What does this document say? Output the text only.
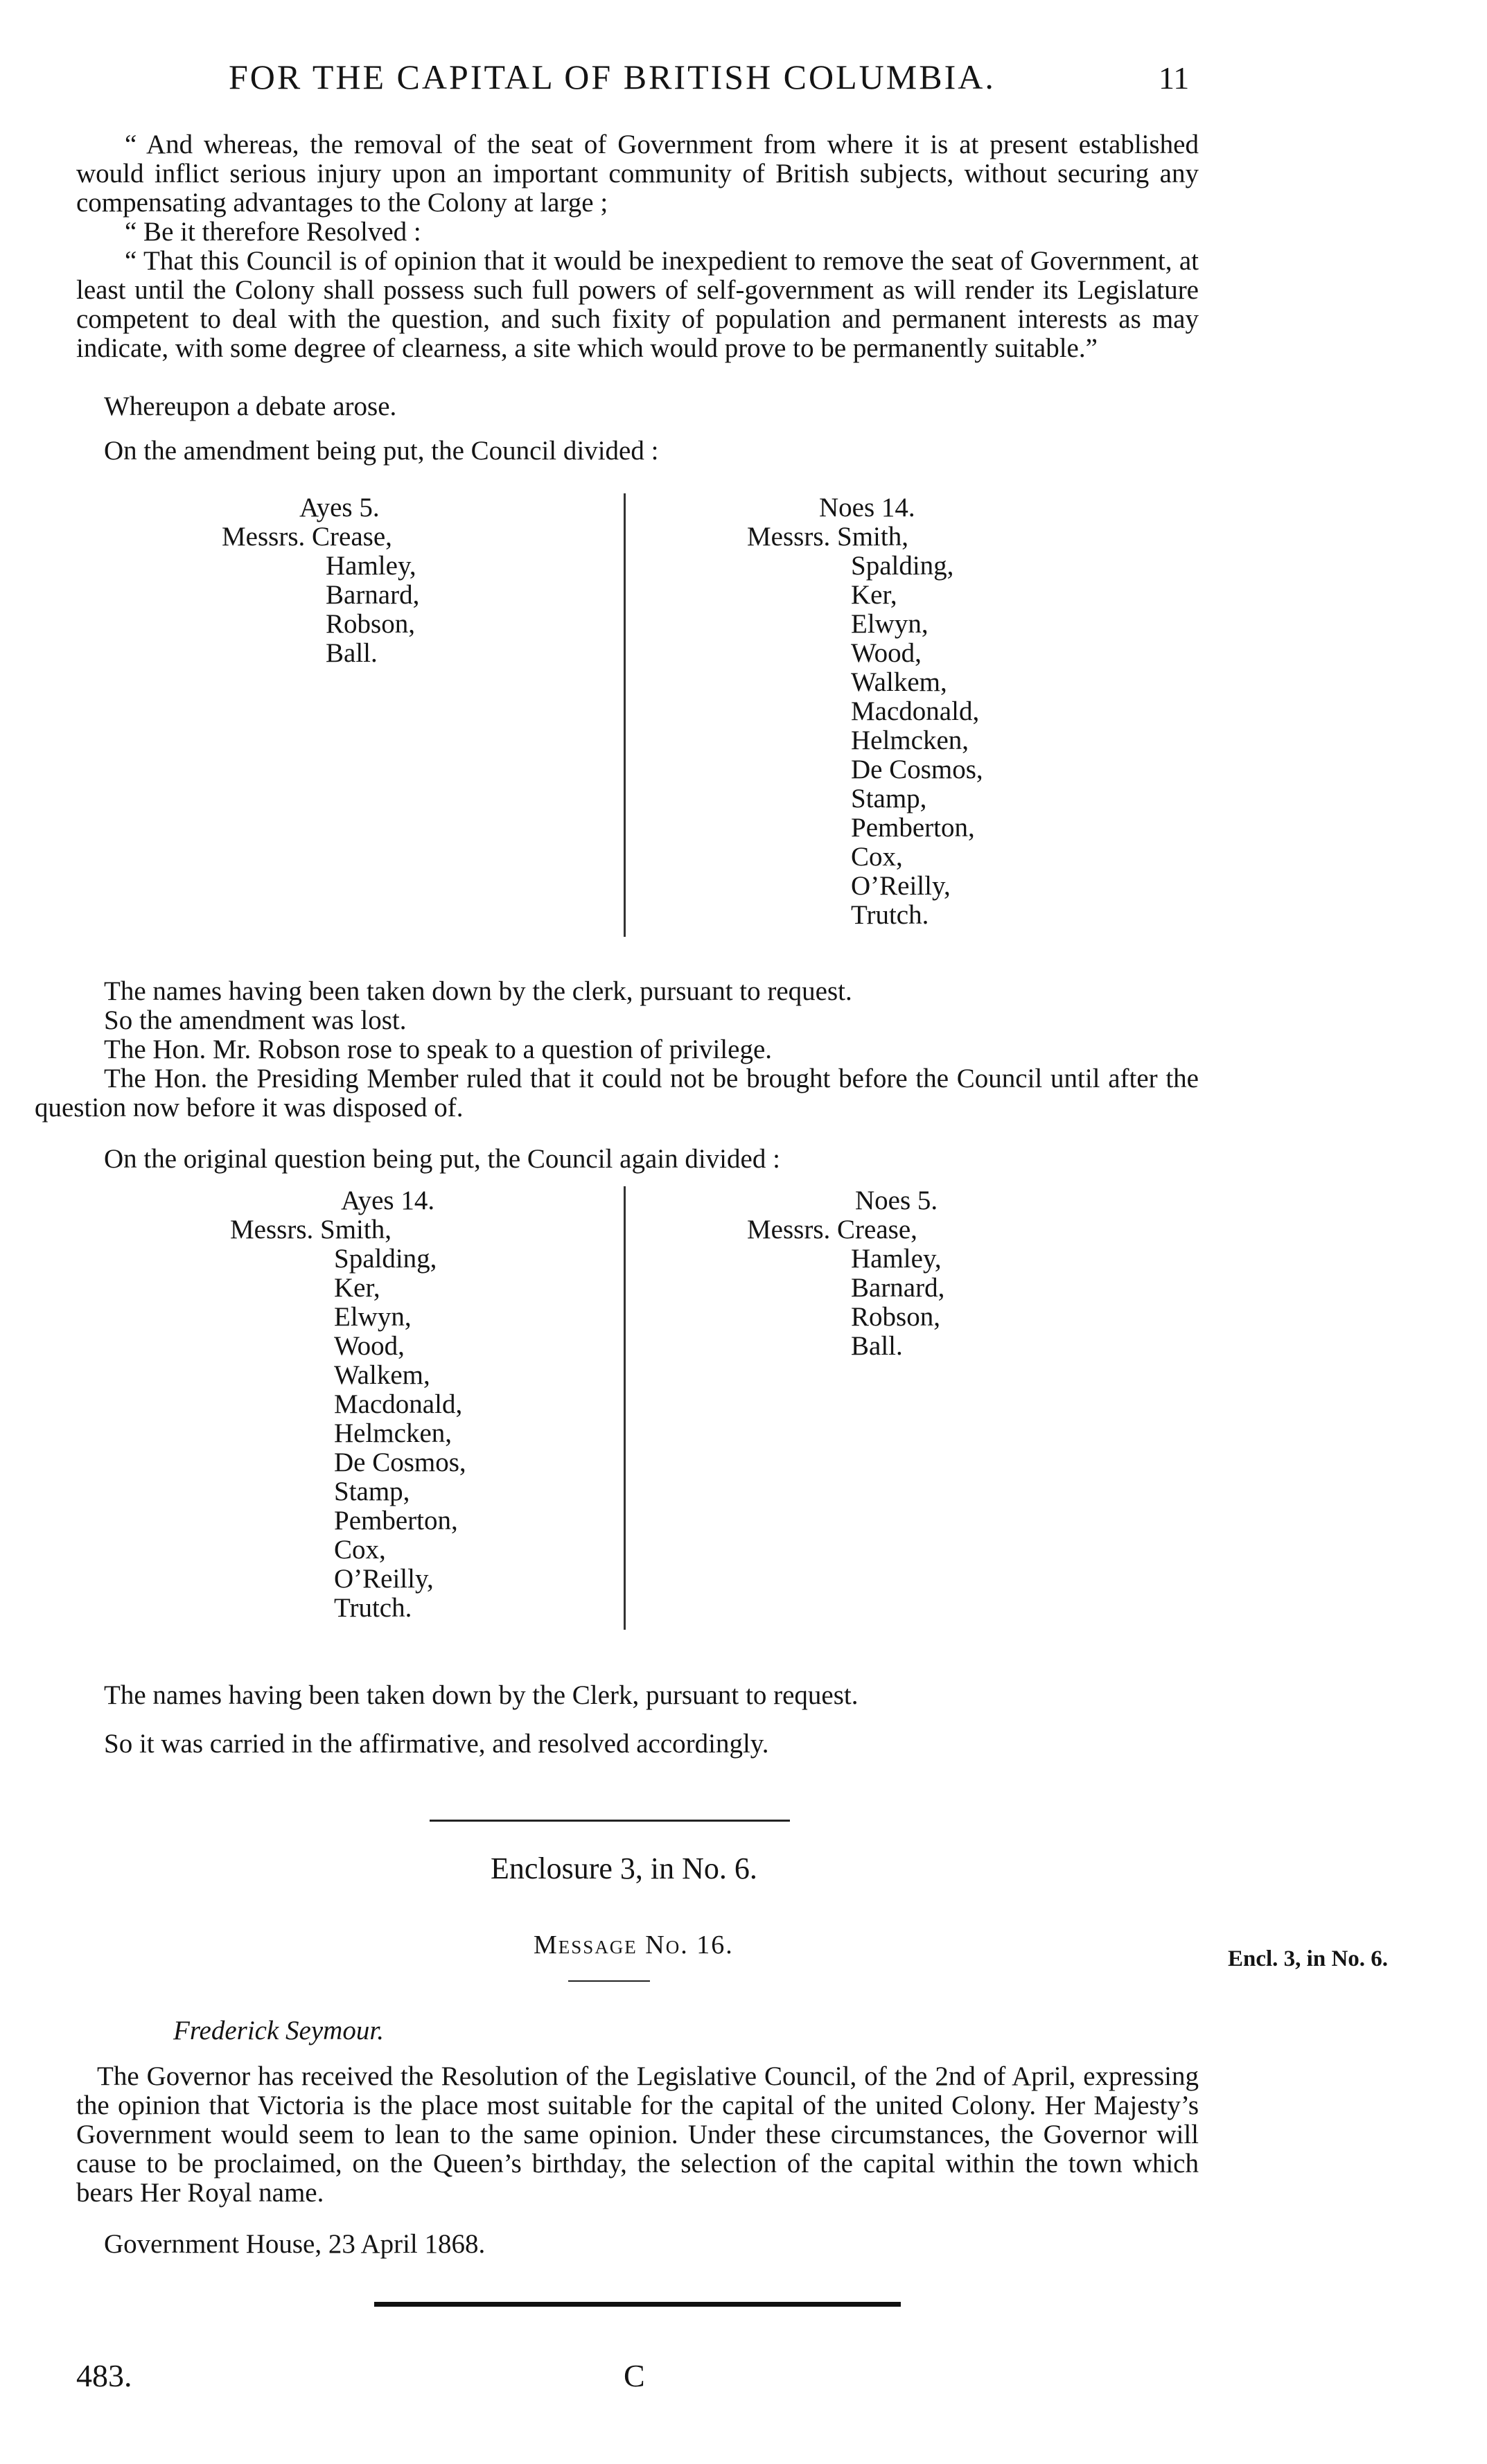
FOR THE CAPITAL OF BRITISH COLUMBIA.	11

“ And whereas, the removal of the seat of Government from where it is at present established would inflict serious injury upon an important community of British subjects, without securing any compensating advantages to the Colony at large ;

“ Be it therefore Resolved :

“ That this Council is of opinion that it would be inexpedient to remove the seat of Government, at least until the Colony shall possess such full powers of self-government as will render its Legislature competent to deal with the question, and such fixity of population and permanent interests as may indicate, with some degree of clearness, a site which would prove to be permanently suitable.”

Whereupon a debate arose.
On the amendment being put, the Council divided :
Ayes 5.
Messrs. Crease,
Hamley,
Barnard,
Robson,
Ball.
Noes 14.
Messrs. Smith,
Spalding,
Ker,
Elwyn,
Wood,
Walkem,
Macdonald,
Helmcken,
De Cosmos,
Stamp,
Pemberton,
Cox,
O’Reilly,
Trutch.
The names having been taken down by the clerk, pursuant to request.
So the amendment was lost.
The Hon. Mr. Robson rose to speak to a question of privilege.

The Hon. the Presiding Member ruled that it could not be brought before the Council until after the question now before it was disposed of.

On the original question being put, the Council again divided :
Ayes 14.
Messrs. Smith,
Spalding,
Ker,
Elwyn,
Wood,
Walkem,
Macdonald,
Helmcken,
De Cosmos,
Stamp,
Pemberton,
Cox,
O’Reilly,
Trutch.
Noes 5.
Messrs. Crease,
Hamley,
Barnard,
Robson,
Ball.
The names having been taken down by the Clerk, pursuant to request.
So it was carried in the affirmative, and resolved accordingly.
Enclosure 3, in No. 6.
Message No. 16.	Encl. 3, in No. 6.
Frederick Seymour.

The Governor has received the Resolution of the Legislative Council, of the 2nd of April, expressing the opinion that Victoria is the place most suitable for the capital of the united Colony. Her Majesty’s Government would seem to lean to the same opinion. Under these circumstances, the Governor will cause to be proclaimed, on the Queen’s birthday, the selection of the capital within the town which bears Her Royal name.

Government House, 23 April 1868.
483.	C
